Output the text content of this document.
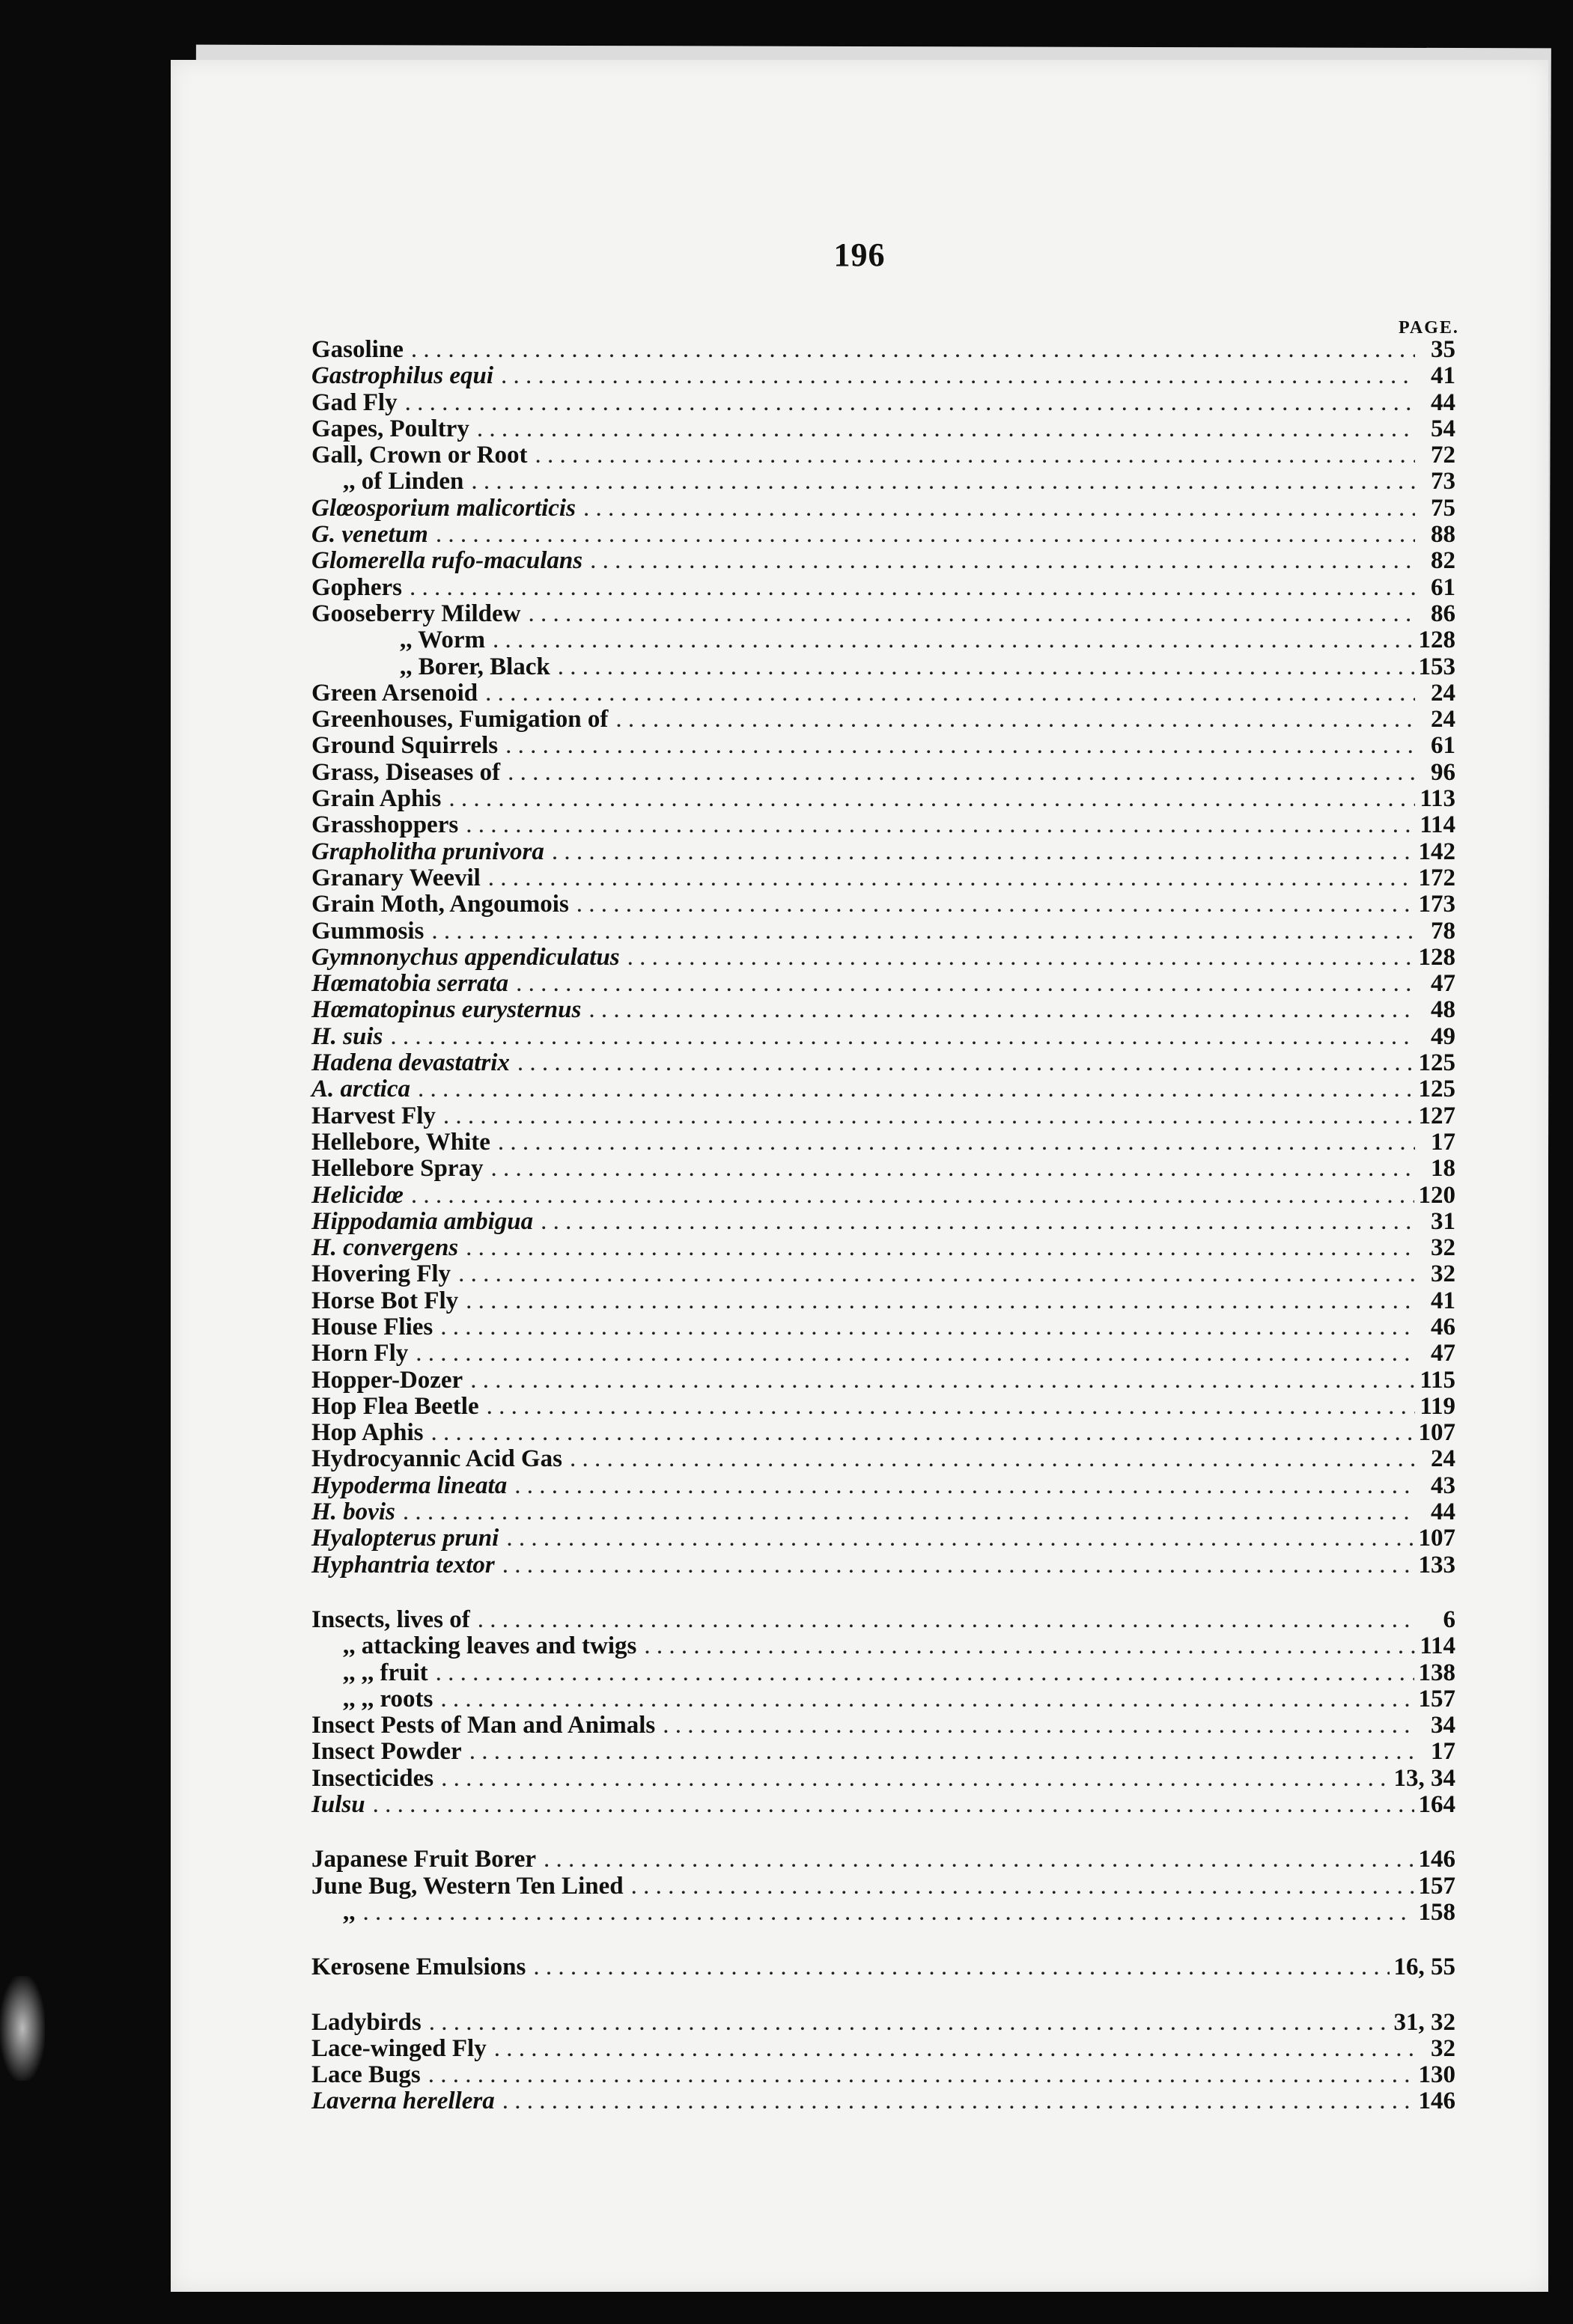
196
PAGE.
Gasoline . . .	35
Gastrophilus equi . . .	41
Gad Fly . . .	44
Gapes, Poultry . . .	54
Gall, Crown or Root . . .	72
,, of Linden . . .	73
Glœosporium malicorticis . . .	75
G. venetum . . .	88
Glomerella rufo-maculans . . .	82
Gophers . . .	61
Gooseberry Mildew . . .	86
,, Worm . . .	128
,, Borer, Black . . .	153
Green Arsenoid . . .	24
Greenhouses, Fumigation of . . .	24
Ground Squirrels . . .	61
Grass, Diseases of . . .	96
Grain Aphis . . .	113
Grasshoppers . . .	114
Grapholitha prunivora . . .	142
Granary Weevil . . .	172
Grain Moth, Angoumois . . .	173
Gummosis . . .	78
Gymnonychus appendiculatus . . .	128
Hœmatobia serrata . . .	47
Hœmatopinus eurysternus . . .	48
H. suis . . .	49
Hadena devastatrix . . .	125
A. arctica . . .	125
Harvest Fly . . .	127
Hellebore, White . . .	17
Hellebore Spray . . .	18
Helicidœ . . .	120
Hippodamia ambigua . . .	31
H. convergens . . .	32
Hovering Fly . . .	32
Horse Bot Fly . . .	41
House Flies . . .	46
Horn Fly . . .	47
Hopper-Dozer . . .	115
Hop Flea Beetle . . .	119
Hop Aphis . . .	107
Hydrocyannic Acid Gas . . .	24
Hypoderma lineata . . .	43
H. bovis . . .	44
Hyalopterus pruni . . .	107
Hyphantria textor . . .	133
Insects, lives of . . .	6
,, attacking leaves and twigs . . .	114
,, ,, fruit . . .	138
,, ,, roots . . .	157
Insect Pests of Man and Animals . . .	34
Insect Powder . . .	17
Insecticides . . .	13, 34
Iulsu . . .	164
Japanese Fruit Borer . . .	146
June Bug, Western Ten Lined . . .	157
,, . . .	158
Kerosene Emulsions . . .	16, 55
Ladybirds . . .	31, 32
Lace-winged Fly . . .	32
Lace Bugs . . .	130
Laverna herellera . . .	146
